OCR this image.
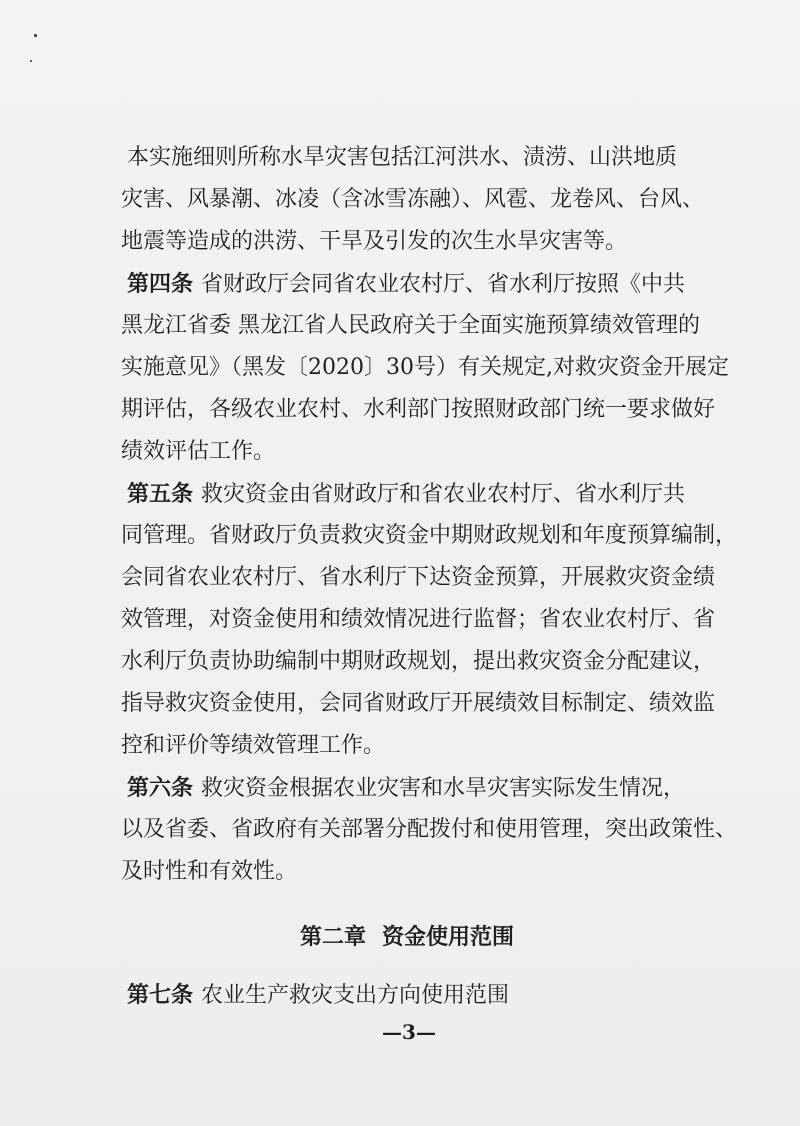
本实施细则所称水旱灾害包括江河洪水、渍涝、山洪地质
灾害、风暴潮、冰凌（含冰雪冻融）、风雹、龙卷风、台风、
地震等造成的洪涝、干旱及引发的次生水旱灾害等。
第四条 省财政厅会同省农业农村厅、省水利厅按照《中共
黑龙江省委 黑龙江省人民政府关于全面实施预算绩效管理的
实施意见》（黑发〔2020〕30号）有关规定,对救灾资金开展定
期评估，各级农业农村、水利部门按照财政部门统一要求做好
绩效评估工作。
第五条 救灾资金由省财政厅和省农业农村厅、省水利厅共
同管理。省财政厅负责救灾资金中期财政规划和年度预算编制，
会同省农业农村厅、省水利厅下达资金预算，开展救灾资金绩
效管理，对资金使用和绩效情况进行监督；省农业农村厅、省
水利厅负责协助编制中期财政规划，提出救灾资金分配建议，
指导救灾资金使用，会同省财政厅开展绩效目标制定、绩效监
控和评价等绩效管理工作。
第六条 救灾资金根据农业灾害和水旱灾害实际发生情况，
以及省委、省政府有关部署分配拨付和使用管理，突出政策性、
及时性和有效性。
第二章 资金使用范围
第七条 农业生产救灾支出方向使用范围
—3—
